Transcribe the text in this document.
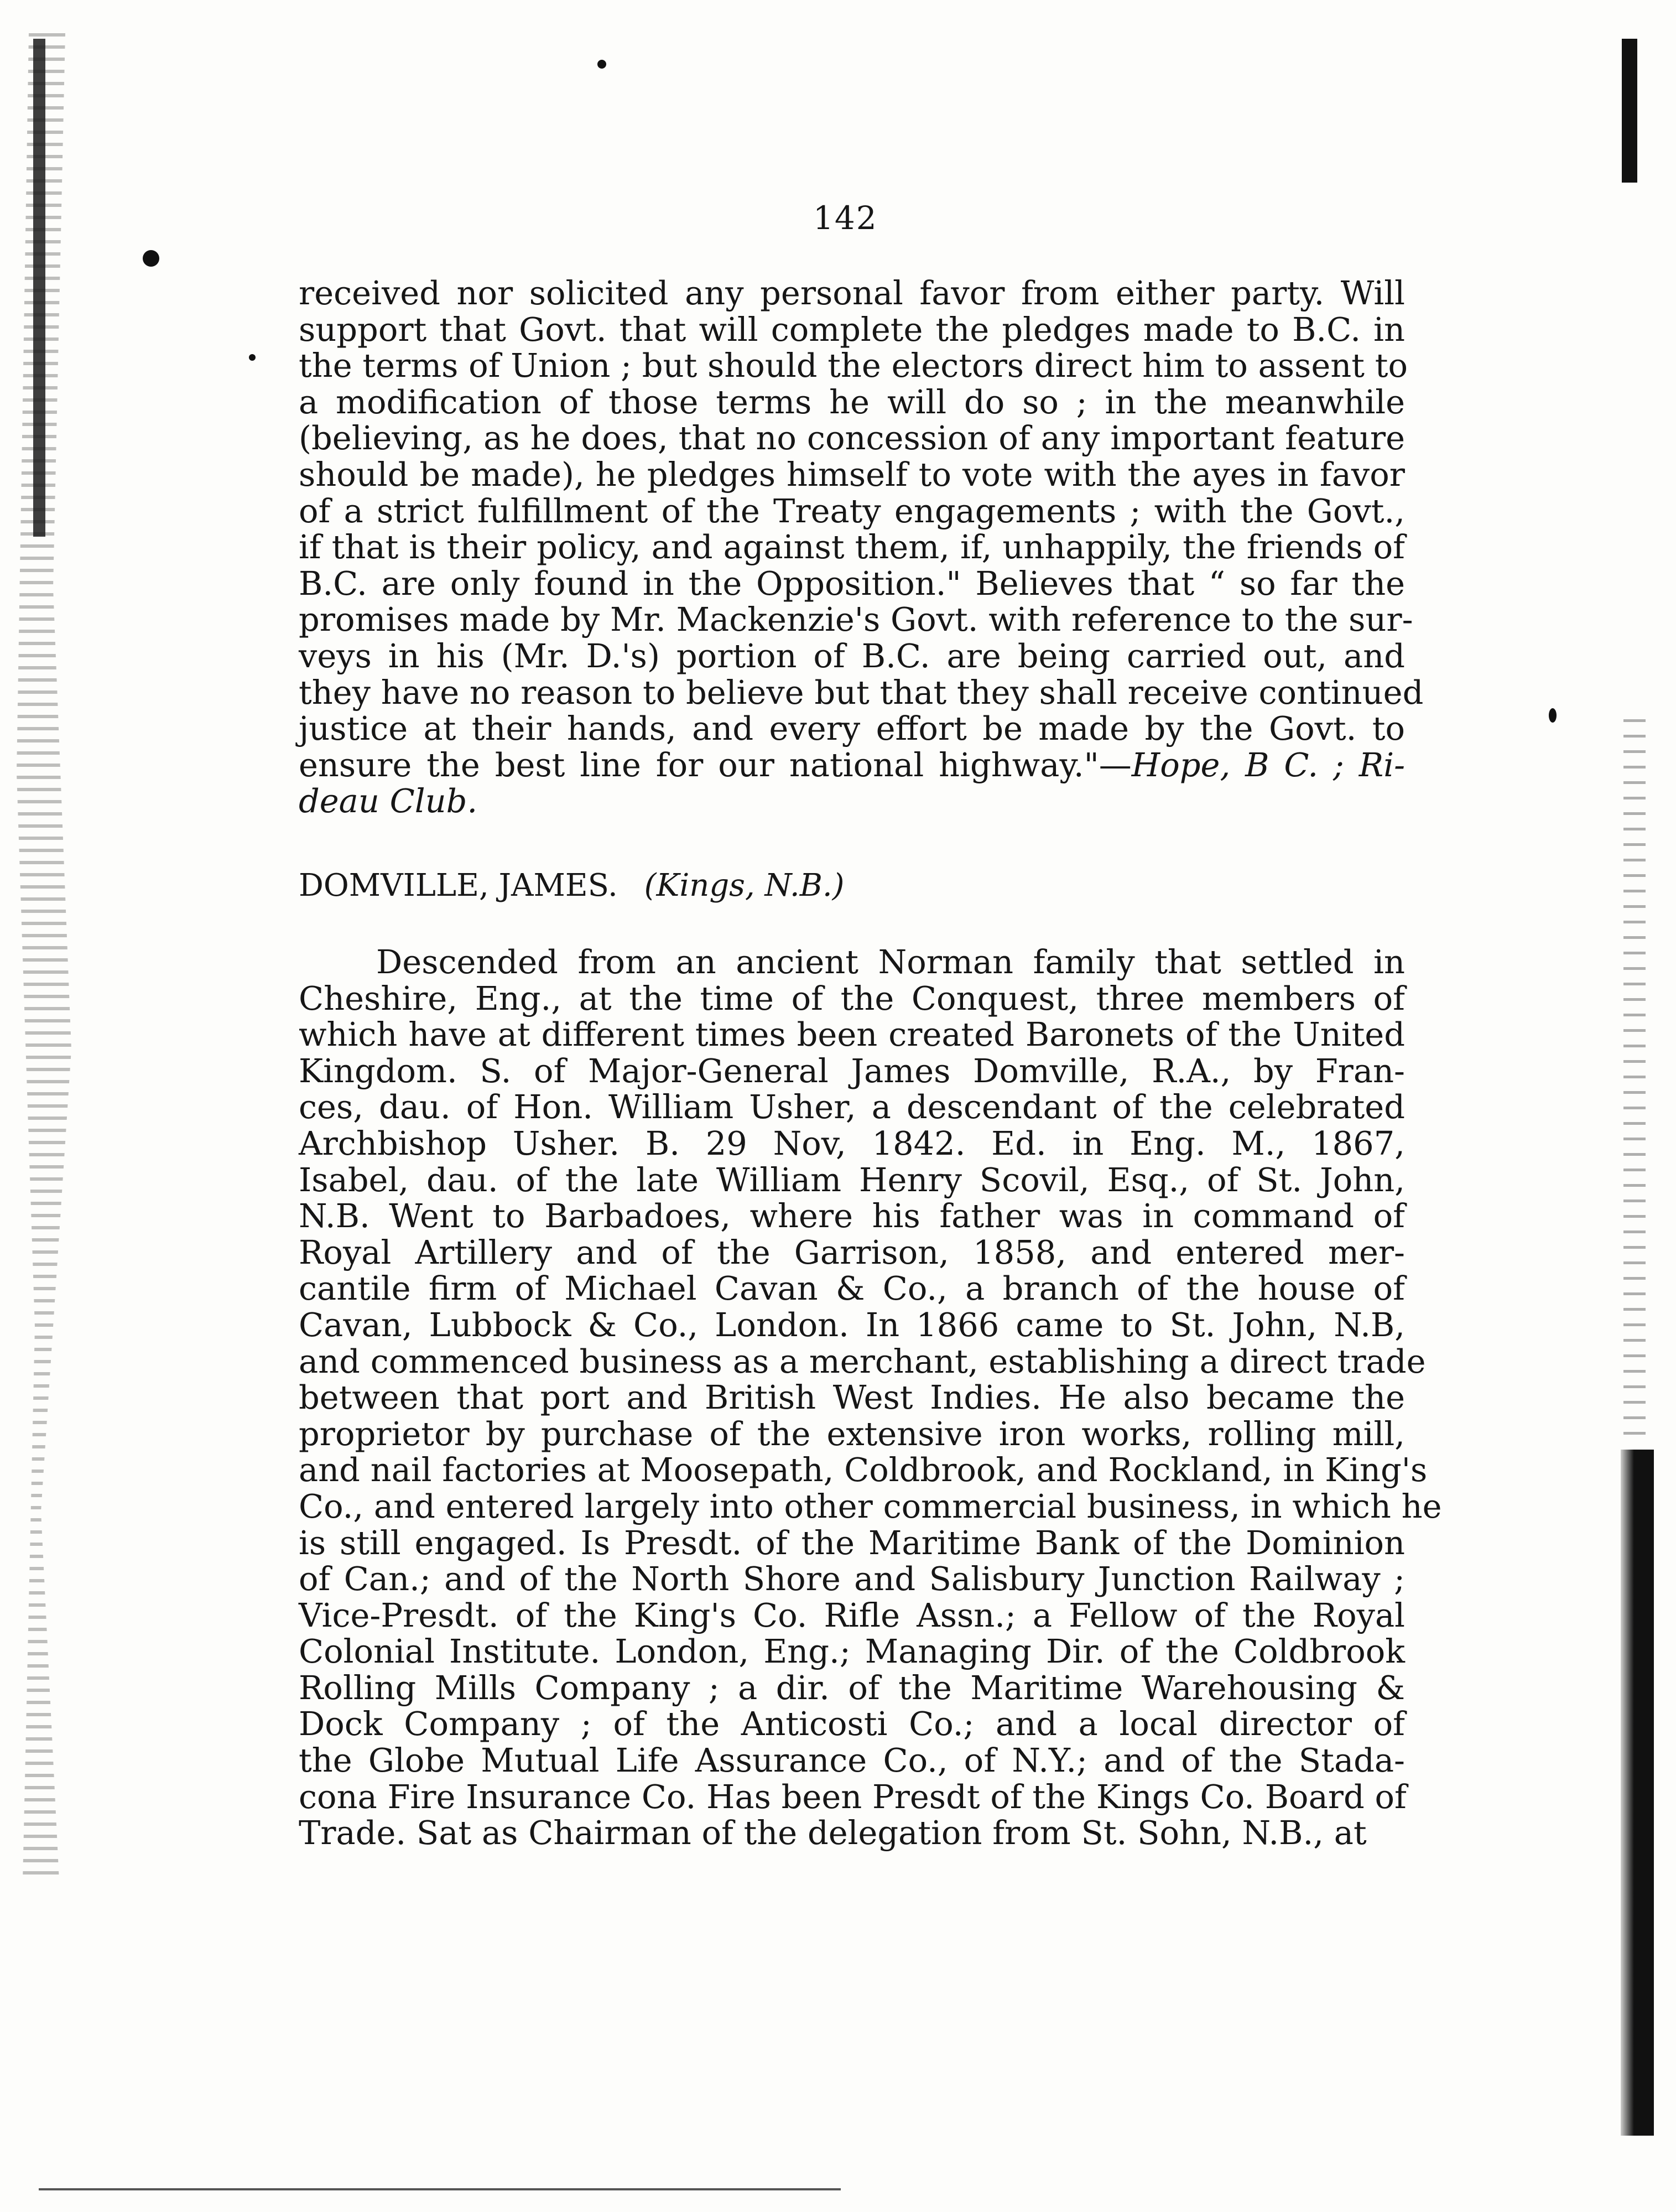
142
received nor solicited any personal favor from either party. Will
support that Govt. that will complete the pledges made to B.C. in
the terms of Union ; but should the electors direct him to assent to
a modification of those terms he will do so ; in the meanwhile
(believing, as he does, that no concession of any important feature
should be made), he pledges himself to vote with the ayes in favor
of a strict fulfillment of the Treaty engagements ; with the Govt.,
if that is their policy, and against them, if, unhappily, the friends of
B.C. are only found in the Opposition." Believes that “ so far the
promises made by Mr. Mackenzie's Govt. with reference to the sur-
veys in his (Mr. D.'s) portion of B.C. are being carried out, and
they have no reason to believe but that they shall receive continued
justice at their hands, and every effort be made by the Govt. to
ensure the best line for our national highway."—Hope, B C. ; Ri-
deau Club.
DOMVILLE, JAMES. (Kings, N.B.)
Descended from an ancient Norman family that settled in
Cheshire, Eng., at the time of the Conquest, three members of
which have at different times been created Baronets of the United
Kingdom. S. of Major-General James Domville, R.A., by Fran-
ces, dau. of Hon. William Usher, a descendant of the celebrated
Archbishop Usher. B. 29 Nov, 1842. Ed. in Eng. M., 1867,
Isabel, dau. of the late William Henry Scovil, Esq., of St. John,
N.B. Went to Barbadoes, where his father was in command of
Royal Artillery and of the Garrison, 1858, and entered mer-
cantile firm of Michael Cavan & Co., a branch of the house of
Cavan, Lubbock & Co., London. In 1866 came to St. John, N.B,
and commenced business as a merchant, establishing a direct trade
between that port and British West Indies. He also became the
proprietor by purchase of the extensive iron works, rolling mill,
and nail factories at Moosepath, Coldbrook, and Rockland, in King's
Co., and entered largely into other commercial business, in which he
is still engaged. Is Presdt. of the Maritime Bank of the Dominion
of Can.; and of the North Shore and Salisbury Junction Railway ;
Vice-Presdt. of the King's Co. Rifle Assn.; a Fellow of the Royal
Colonial Institute. London, Eng.; Managing Dir. of the Coldbrook
Rolling Mills Company ; a dir. of the Maritime Warehousing &
Dock Company ; of the Anticosti Co.; and a local director of
the Globe Mutual Life Assurance Co., of N.Y.; and of the Stada-
cona Fire Insurance Co. Has been Presdt of the Kings Co. Board of
Trade. Sat as Chairman of the delegation from St. Sohn, N.B., at
